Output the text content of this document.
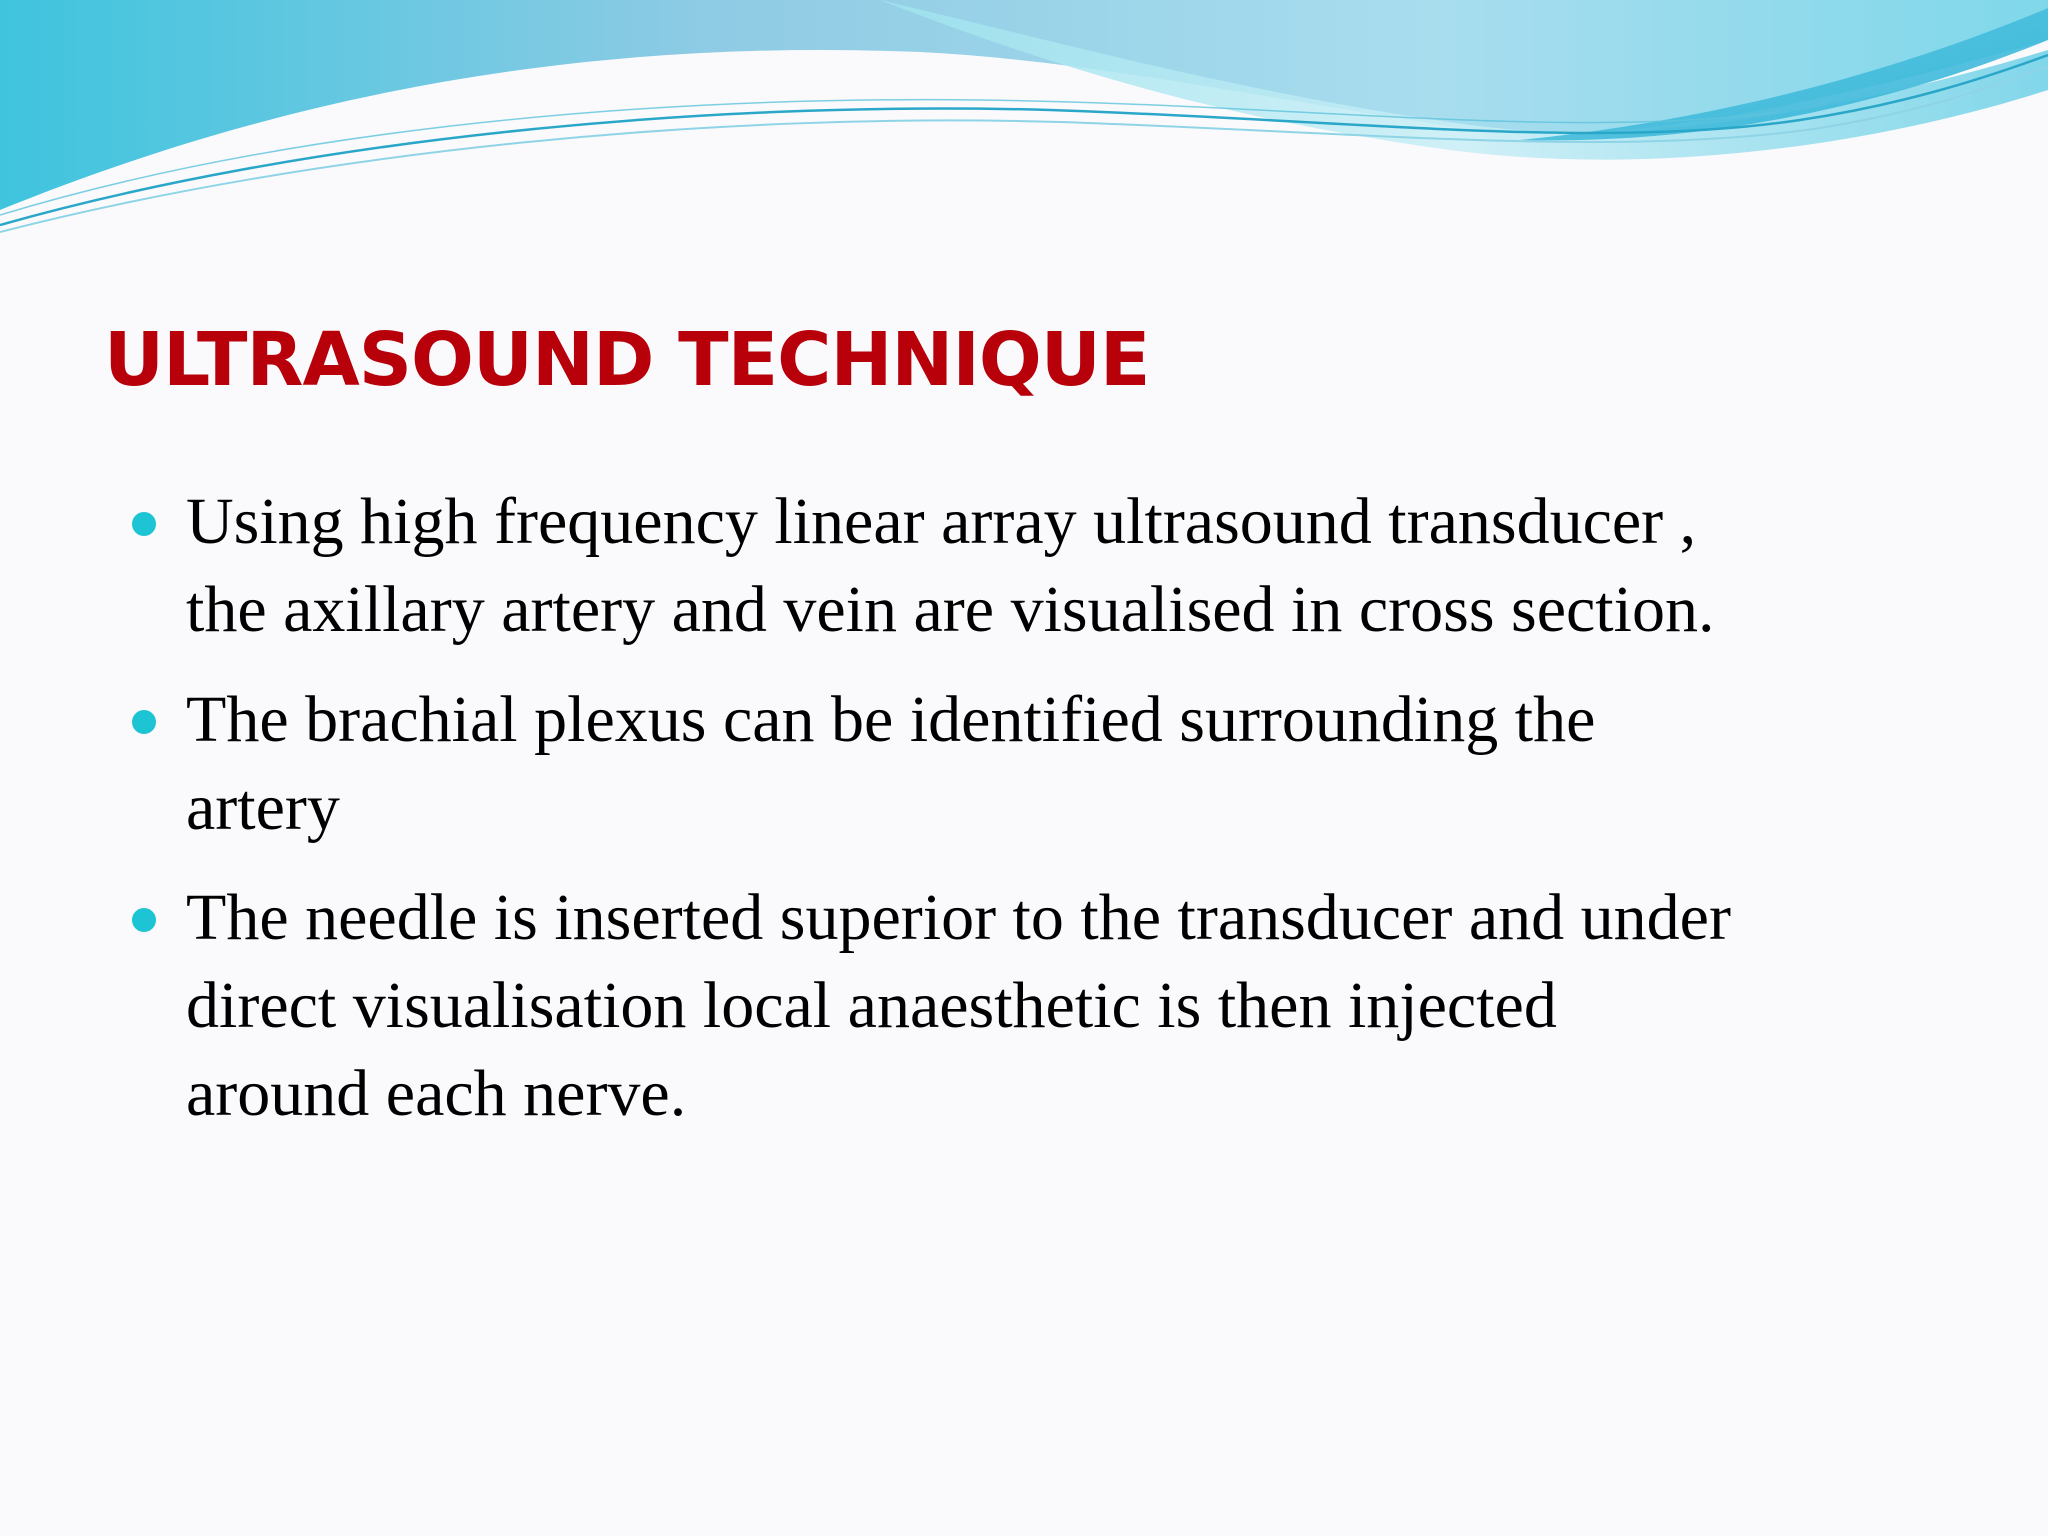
ULTRASOUND TECHNIQUE
Using high frequency linear array ultrasound transducer ,
the axillary artery and vein are visualised in cross section.
The brachial plexus can be identified surrounding the
artery
The needle is inserted superior to the transducer and under
direct visualisation local anaesthetic is then injected
around each nerve.
